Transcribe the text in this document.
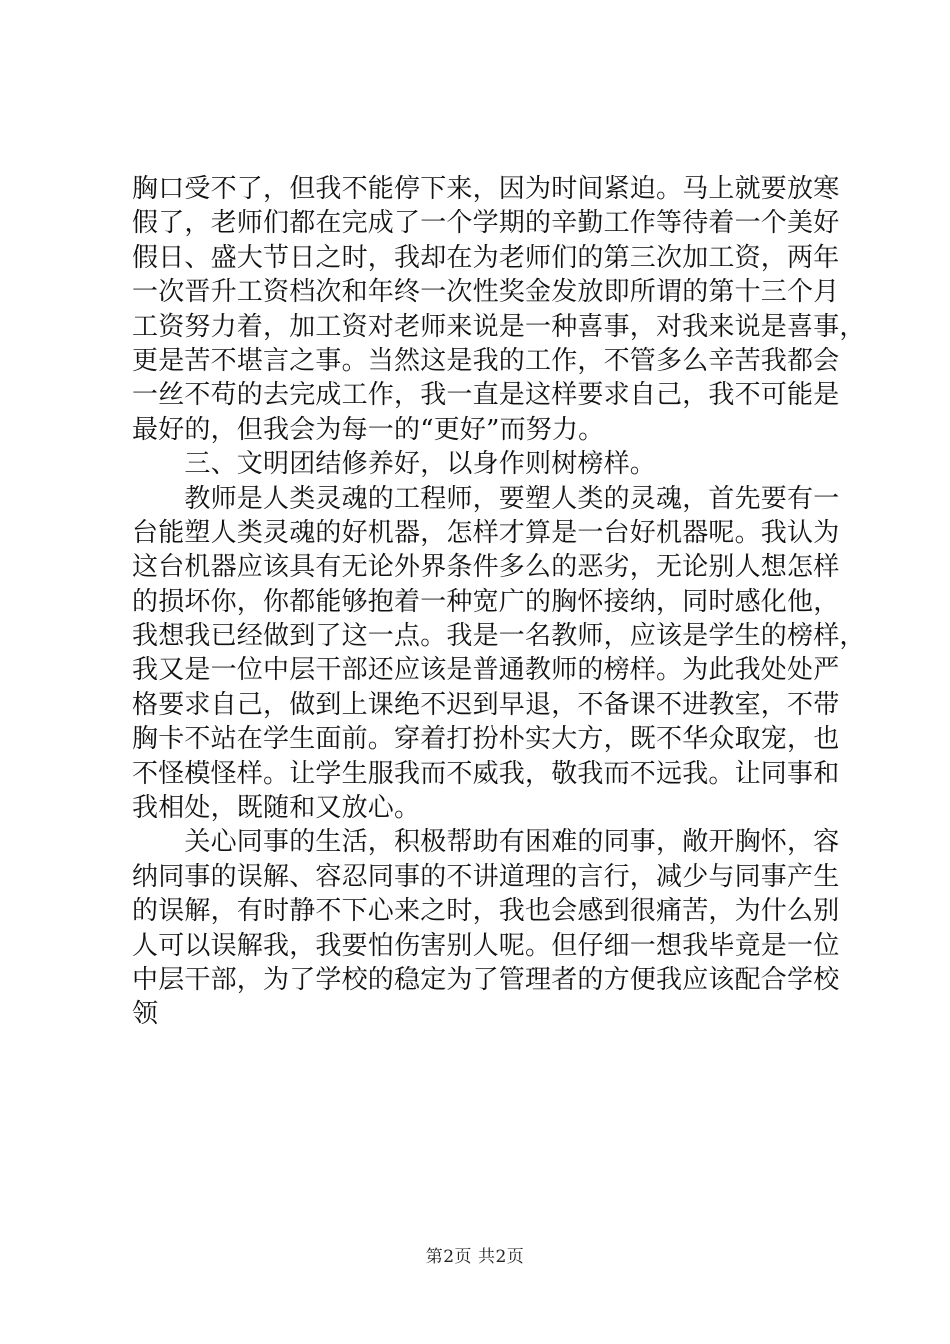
胸口受不了，但我不能停下来，因为时间紧迫。马上就要放寒
假了，老师们都在完成了一个学期的辛勤工作等待着一个美好
假日、盛大节日之时，我却在为老师们的第三次加工资，两年
一次晋升工资档次和年终一次性奖金发放即所谓的第十三个月
工资努力着，加工资对老师来说是一种喜事，对我来说是喜事，
更是苦不堪言之事。当然这是我的工作，不管多么辛苦我都会
一丝不苟的去完成工作，我一直是这样要求自己，我不可能是
最好的，但我会为每一的“更好”而努力。
　　三、文明团结修养好，以身作则树榜样。
　　教师是人类灵魂的工程师，要塑人类的灵魂，首先要有一
台能塑人类灵魂的好机器，怎样才算是一台好机器呢。我认为
这台机器应该具有无论外界条件多么的恶劣，无论别人想怎样
的损坏你，你都能够抱着一种宽广的胸怀接纳，同时感化他，
我想我已经做到了这一点。我是一名教师，应该是学生的榜样，
我又是一位中层干部还应该是普通教师的榜样。为此我处处严
格要求自己，做到上课绝不迟到早退，不备课不进教室，不带
胸卡不站在学生面前。穿着打扮朴实大方，既不华众取宠，也
不怪模怪样。让学生服我而不威我，敬我而不远我。让同事和
我相处，既随和又放心。
　　关心同事的生活，积极帮助有困难的同事，敞开胸怀，容
纳同事的误解、容忍同事的不讲道理的言行，减少与同事产生
的误解，有时静不下心来之时，我也会感到很痛苦，为什么别
人可以误解我，我要怕伤害别人呢。但仔细一想我毕竟是一位
中层干部，为了学校的稳定为了管理者的方便我应该配合学校
领
第2页 共2页
